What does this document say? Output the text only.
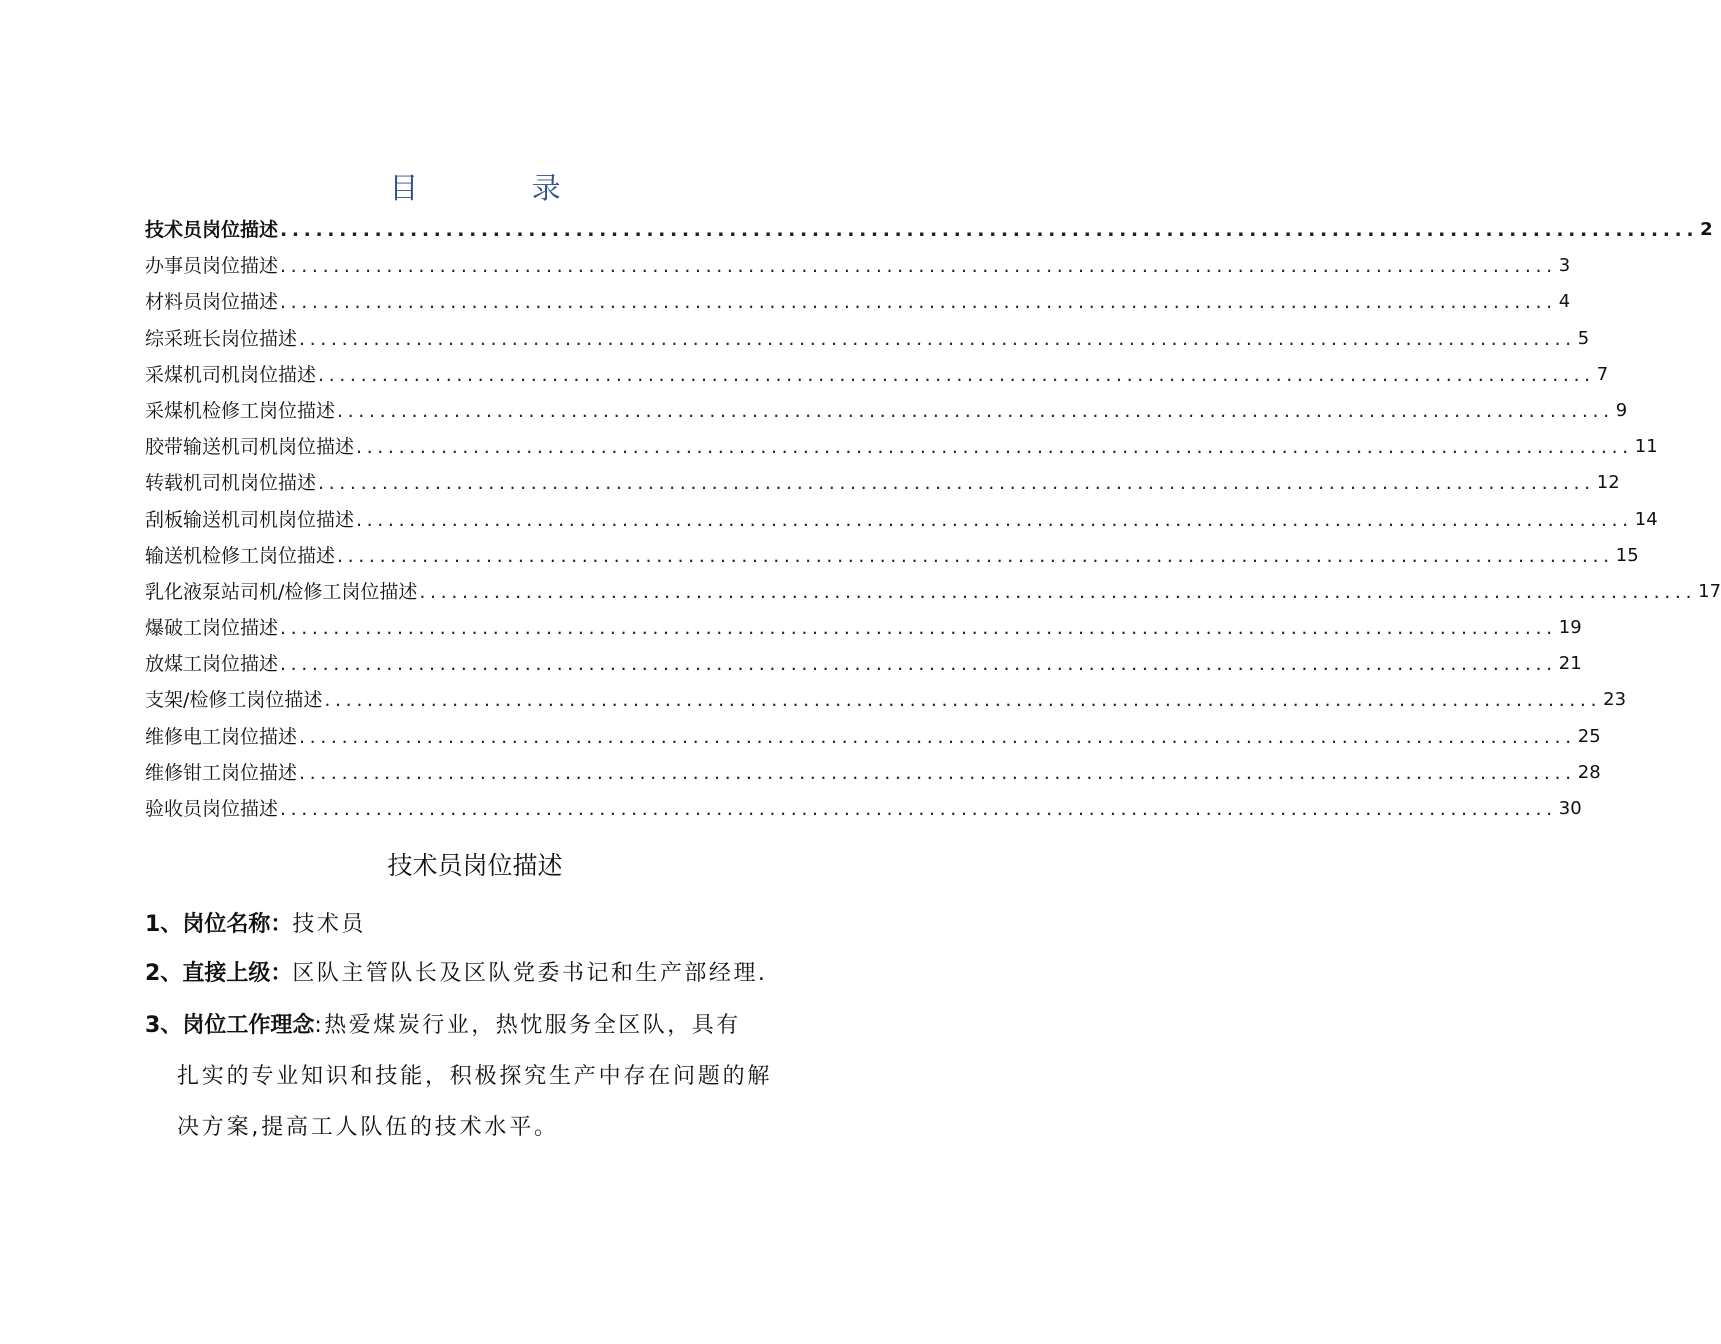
目 录
技术员岗位描述 ........................................................................................................................ 2
办事员岗位描述 ........................................................................................................................ 3
材料员岗位描述 ........................................................................................................................ 4
综采班长岗位描述 ........................................................................................................................ 5
采煤机司机岗位描述 ........................................................................................................................ 7
采煤机检修工岗位描述 ........................................................................................................................ 9
胶带输送机司机岗位描述 ........................................................................................................................ 11
转载机司机岗位描述 ........................................................................................................................ 12
刮板输送机司机岗位描述 ........................................................................................................................ 14
输送机检修工岗位描述 ........................................................................................................................ 15
乳化液泵站司机/检修工岗位描述 ........................................................................................................................ 17
爆破工岗位描述 ........................................................................................................................ 19
放煤工岗位描述 ........................................................................................................................ 21
支架/检修工岗位描述 ........................................................................................................................ 23
维修电工岗位描述 ........................................................................................................................ 25
维修钳工岗位描述 ........................................................................................................................ 28
验收员岗位描述 ........................................................................................................................ 30
技术员岗位描述
1、岗位名称：技术员
2、直接上级：区队主管队长及区队党委书记和生产部经理.
3、岗位工作理念:热爱煤炭行业，热忱服务全区队，具有
扎实的专业知识和技能，积极探究生产中存在问题的解
决方案,提高工人队伍的技术水平。
